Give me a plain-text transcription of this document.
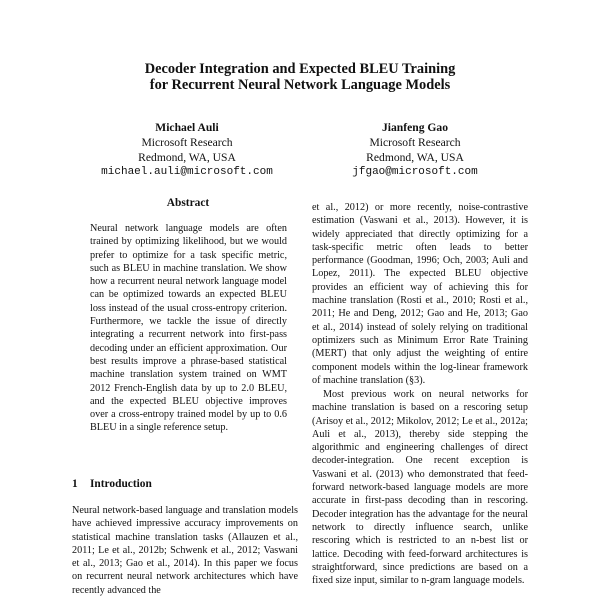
Decoder Integration and Expected BLEU Training
for Recurrent Neural Network Language Models
Michael Auli
Microsoft Research
Redmond, WA, USA
michael.auli@microsoft.com
Jianfeng Gao
Microsoft Research
Redmond, WA, USA
jfgao@microsoft.com
Abstract

Neural network language models are often trained by optimizing likelihood, but we would prefer to optimize for a task specific metric, such as BLEU in machine translation. We show how a recurrent neural network language model can be optimized towards an expected BLEU loss instead of the usual cross-entropy criterion. Furthermore, we tackle the issue of directly integrating a recurrent network into first-pass decoding under an efficient approximation. Our best results improve a phrase-based statistical machine translation system trained on WMT 2012 French-English data by up to 2.0 BLEU, and the expected BLEU objective improves over a cross-entropy trained model by up to 0.6 BLEU in a single reference setup.

1 Introduction

Neural network-based language and translation models have achieved impressive accuracy improvements on statistical machine translation tasks (Allauzen et al., 2011; Le et al., 2012b; Schwenk et al., 2012; Vaswani et al., 2013; Gao et al., 2014). In this paper we focus on recurrent neural network architectures which have recently advanced the

et al., 2012) or more recently, noise-contrastive estimation (Vaswani et al., 2013). However, it is widely appreciated that directly optimizing for a task-specific metric often leads to better performance (Goodman, 1996; Och, 2003; Auli and Lopez, 2011). The expected BLEU objective provides an efficient way of achieving this for machine translation (Rosti et al., 2010; Rosti et al., 2011; He and Deng, 2012; Gao and He, 2013; Gao et al., 2014) instead of solely relying on traditional optimizers such as Minimum Error Rate Training (MERT) that only adjust the weighting of entire component models within the log-linear framework of machine translation (§3).

Most previous work on neural networks for machine translation is based on a rescoring setup (Arisoy et al., 2012; Mikolov, 2012; Le et al., 2012a; Auli et al., 2013), thereby side stepping the algorithmic and engineering challenges of direct decoder-integration. One recent exception is Vaswani et al. (2013) who demonstrated that feed-forward network-based language models are more accurate in first-pass decoding than in rescoring. Decoder integration has the advantage for the neural network to directly influence search, unlike rescoring which is restricted to an n-best list or lattice. Decoding with feed-forward architectures is straightforward, since predictions are based on a fixed size input, similar to n-gram language models.
